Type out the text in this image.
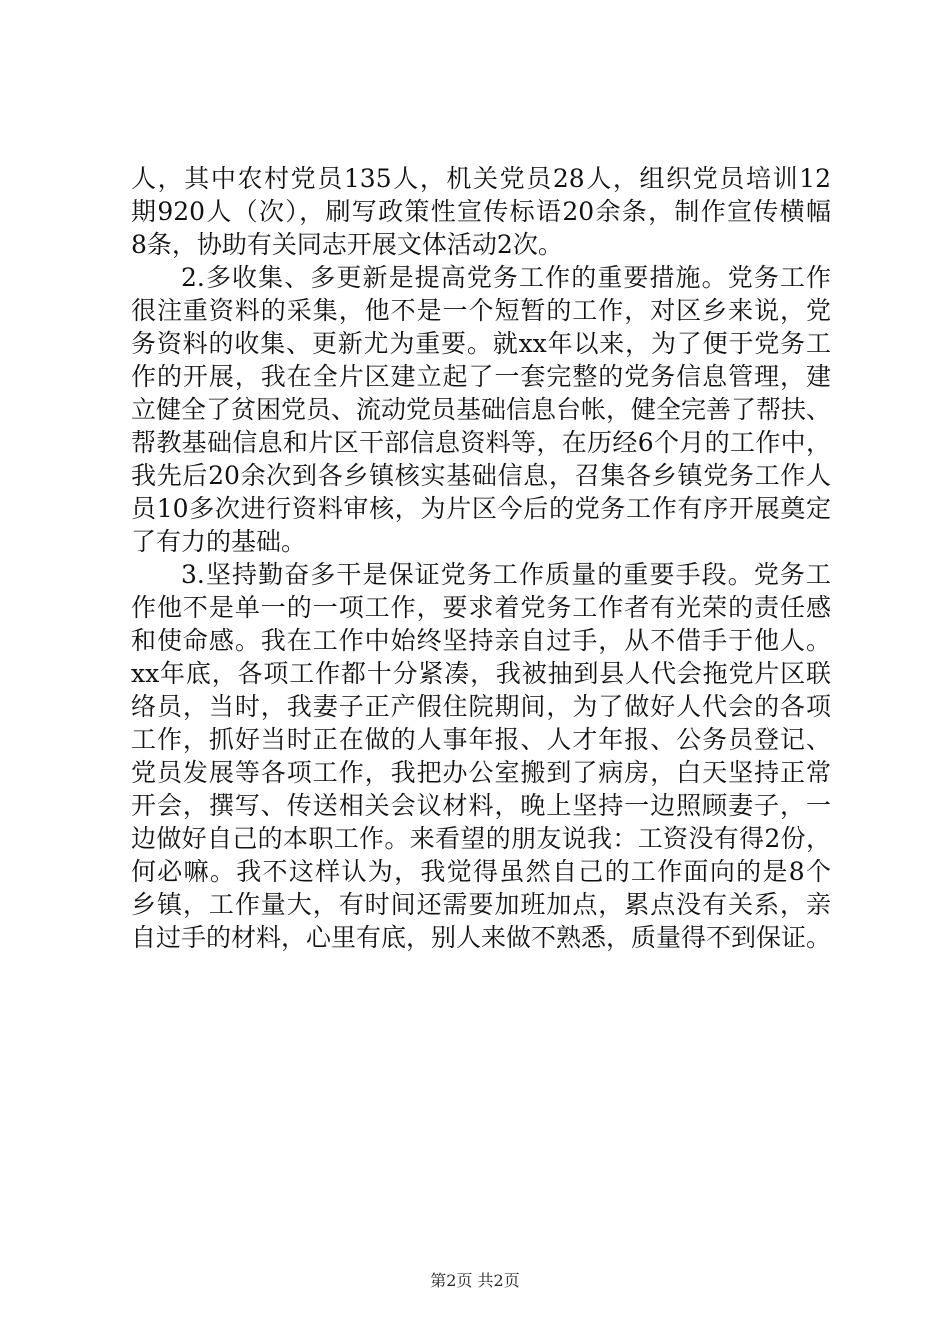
人，其中农村党员135人，机关党员28人，组织党员培训12
期920人（次），刷写政策性宣传标语20余条，制作宣传横幅
8条，协助有关同志开展文体活动2次。
2.多收集、多更新是提高党务工作的重要措施。党务工作
很注重资料的采集，他不是一个短暂的工作，对区乡来说，党
务资料的收集、更新尤为重要。就xx年以来，为了便于党务工
作的开展，我在全片区建立起了一套完整的党务信息管理，建
立健全了贫困党员、流动党员基础信息台帐，健全完善了帮扶、
帮教基础信息和片区干部信息资料等，在历经6个月的工作中，
我先后20余次到各乡镇核实基础信息，召集各乡镇党务工作人
员10多次进行资料审核，为片区今后的党务工作有序开展奠定
了有力的基础。
3.坚持勤奋多干是保证党务工作质量的重要手段。党务工
作他不是单一的一项工作，要求着党务工作者有光荣的责任感
和使命感。我在工作中始终坚持亲自过手，从不借手于他人。
xx年底，各项工作都十分紧凑，我被抽到县人代会拖党片区联
络员，当时，我妻子正产假住院期间，为了做好人代会的各项
工作，抓好当时正在做的人事年报、人才年报、公务员登记、
党员发展等各项工作，我把办公室搬到了病房，白天坚持正常
开会，撰写、传送相关会议材料，晚上坚持一边照顾妻子，一
边做好自己的本职工作。来看望的朋友说我：工资没有得2份，
何必嘛。我不这样认为，我觉得虽然自己的工作面向的是8个
乡镇，工作量大，有时间还需要加班加点，累点没有关系，亲
自过手的材料，心里有底，别人来做不熟悉，质量得不到保证。
第2页 共2页
